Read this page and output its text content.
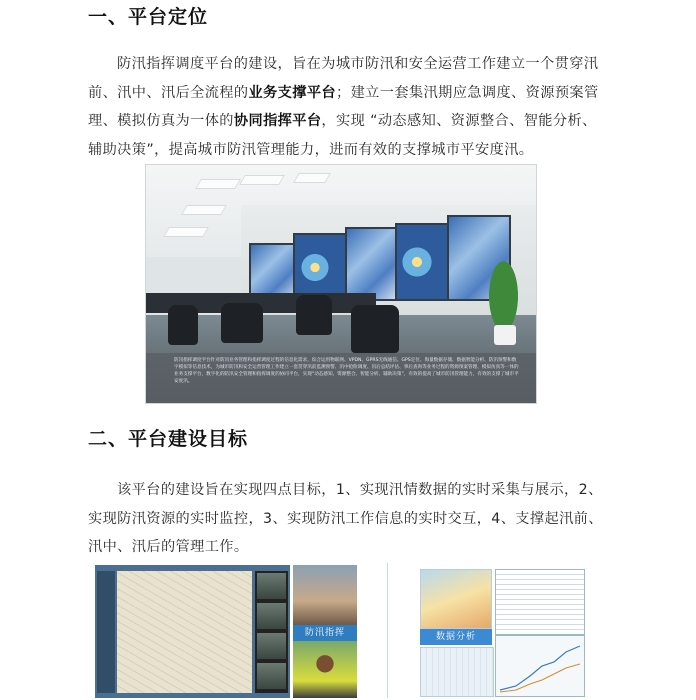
一、平台定位
防汛指挥调度平台的建设，旨在为城市防汛和安全运营工作建立一个贯穿汛前、汛中、汛后全流程的业务支撑平台；建立一套集汛期应急调度、资源预案管理、模拟仿真为一体的协同指挥平台，实现 “动态感知、资源整合、智能分析、辅助决策”，提高城市防汛管理能力，进而有效的支撑城市平安度汛。
防汛指挥调度平台针对防汛业务管理和指挥调度过程的信息化需求，综合运用物联网、VPDN、GPRS无线通信、GPS定位、海量数据存储、数据智能分析、防汛预警和数字模拟等信息技术，为城市防汛和安全运营管理工作建立一套贯穿汛前监测预警、汛中抢险调度、汛后总结评估、事后查询等业务过程的资源预案管理、模拟仿真等一体的业务支撑平台，数字化的防汛安全管理和指挥调度的协同平台，实现“动态感知、资源整合、智能分析、辅助决策”，有效的提高了城市防汛管理能力，有效的支撑了城市平安度汛。
二、平台建设目标
该平台的建设旨在实现四点目标，1、实现汛情数据的实时采集与展示，2、实现防汛资源的实时监控，3、实现防汛工作信息的实时交互，4、支撑起汛前、汛中、汛后的管理工作。
防汛指挥	数据分析
